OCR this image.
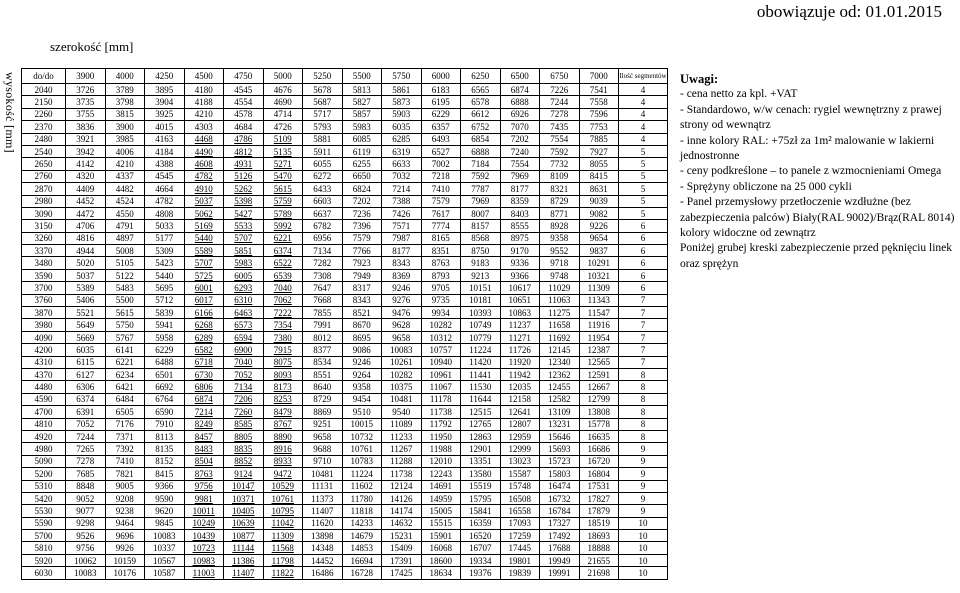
obowiązuje od: 01.01.2015
szerokość [mm]
wysokość [mm] do/do	3900	4000	4250	4500	4750	5000	5250	5500	5750	6000	6250	6500	6750	7000	Ilość segmentów
2040	3726	3789	3895	4180	4545	4676	5678	5813	5861	6183	6565	6874	7226	7541	4
2150	3735	3798	3904	4188	4554	4690	5687	5827	5873	6195	6578	6888	7244	7558	4
2260	3755	3815	3925	4210	4578	4714	5717	5857	5903	6229	6612	6926	7278	7596	4
2370	3836	3900	4015	4303	4684	4726	5793	5983	6035	6357	6752	7070	7435	7753	4
2480	3921	3985	4163	4468	4786	5109	5881	6085	6285	6493	6854	7202	7554	7885	4
2540	3942	4006	4184	4490	4812	5135	5911	6119	6319	6527	6888	7240	7592	7927	5
2650	4142	4210	4388	4608	4931	5271	6055	6255	6633	7002	7184	7554	7732	8055	5
2760	4320	4337	4545	4782	5126	5470	6272	6650	7032	7218	7592	7969	8109	8415	5
2870	4409	4482	4664	4910	5262	5615	6433	6824	7214	7410	7787	8177	8321	8631	5
2980	4452	4524	4782	5037	5398	5759	6603	7202	7388	7579	7969	8359	8729	9039	5
3090	4472	4550	4808	5062	5427	5789	6637	7236	7426	7617	8007	8403	8771	9082	5
3150	4706	4791	5033	5169	5533	5992	6782	7396	7571	7774	8157	8555	8928	9226	6
3260	4816	4897	5177	5440	5707	6221	6956	7579	7987	8165	8568	8975	9358	9654	6
3370	4944	5008	5309	5589	5851	6374	7134	7766	8177	8351	8750	9170	9552	9837	6
3480	5020	5105	5423	5707	5983	6522	7282	7923	8343	8763	9183	9336	9718	10291	6
3590	5037	5122	5440	5725	6005	6539	7308	7949	8369	8793	9213	9366	9748	10321	6
3700	5389	5483	5695	6001	6293	7040	7647	8317	9246	9705	10151	10617	11029	11309	6
3760	5406	5500	5712	6017	6310	7062	7668	8343	9276	9735	10181	10651	11063	11343	7
3870	5521	5615	5839	6166	6463	7222	7855	8521	9476	9934	10393	10863	11275	11547	7
3980	5649	5750	5941	6268	6573	7354	7991	8670	9628	10282	10749	11237	11658	11916	7
4090	5669	5767	5958	6289	6594	7380	8012	8695	9658	10312	10779	11271	11692	11954	7
4200	6035	6141	6229	6582	6900	7915	8377	9086	10083	10757	11224	11726	12145	12387	7
4310	6115	6221	6488	6718	7040	8075	8534	9246	10261	10940	11420	11920	12340	12565	7
4370	6127	6234	6501	6730	7052	8093	8551	9264	10282	10961	11441	11942	12362	12591	8
4480	6306	6421	6692	6806	7134	8173	8640	9358	10375	11067	11530	12035	12455	12667	8
4590	6374	6484	6764	6874	7206	8253	8729	9454	10481	11178	11644	12158	12582	12799	8
4700	6391	6505	6590	7214	7260	8479	8869	9510	9540	11738	12515	12641	13109	13808	8
4810	7052	7176	7910	8249	8585	8767	9251	10015	11089	11792	12765	12807	13231	15778	8
4920	7244	7371	8113	8457	8805	8890	9658	10732	11233	11950	12863	12959	15646	16635	8
4980	7265	7392	8135	8483	8835	8916	9688	10761	11267	11988	12901	12999	15693	16686	9
5090	7278	7410	8152	8504	8852	8933	9710	10783	11288	12010	13351	13023	15723	16720	9
5200	7685	7821	8415	8763	9124	9472	10481	11224	11738	12243	13580	15587	15803	16804	9
5310	8848	9005	9366	9756	10147	10529	11131	11602	12124	14691	15519	15748	16474	17531	9
5420	9052	9208	9590	9981	10371	10761	11373	11780	14126	14959	15795	16508	16732	17827	9
5530	9077	9238	9620	10011	10405	10795	11407	11818	14174	15005	15841	16558	16784	17879	9
5590	9298	9464	9845	10249	10639	11042	11620	14233	14632	15515	16359	17093	17327	18519	10
5700	9526	9696	10083	10439	10877	11309	13898	14679	15231	15901	16520	17259	17492	18693	10
5810	9756	9926	10337	10723	11144	11568	14348	14853	15409	16068	16707	17445	17688	18888	10
5920	10062	10159	10567	10983	11386	11798	14452	16694	17391	18600	19334	19801	19949	21655	10
6030	10083	10176	10587	11003	11407	11822	16486	16728	17425	18634	19376	19839	19991	21698	10
Uwagi:
- cena netto za kpl. +VAT
- Standardowo, w/w cenach: rygiel wewnętrzny z prawej strony od wewnątrz
- inne kolory RAL: +75zł za 1m² malowanie w lakierni jednostronne
- ceny podkreślone – to panele z wzmocnieniami Omega
- Sprężyny obliczone na 25 000 cykli
- Panel przemysłowy przetłoczenie wzdłużne (bez zabezpieczenia palców) Biały(RAL 9002)/Brąz(RAL 8014) kolory widoczne od zewnątrz
Poniżej grubej kreski zabezpieczenie przed pęknięciu linek oraz sprężyn
